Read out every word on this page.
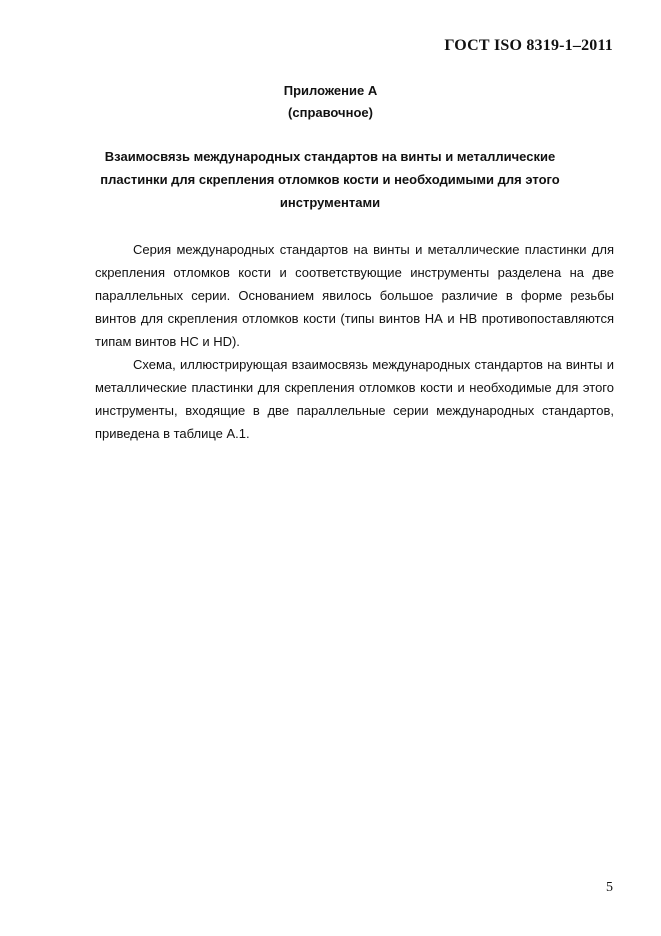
ГОСТ ISO 8319-1–2011
Приложение А
(справочное)
Взаимосвязь международных стандартов на винты и металлические пластинки для скрепления отломков кости и необходимыми для этого инструментами

Серия международных стандартов на винты и металлические пластинки для скрепления отломков кости и соответствующие инструменты разделена на две параллельных серии. Основанием явилось большое различие в форме резьбы винтов для скрепления отломков кости (типы винтов НА и НВ противопоставляются типам винтов НС и HD).

Схема, иллюстрирующая взаимосвязь международных стандартов на винты и металлические пластинки для скрепления отломков кости и необходимые для этого инструменты, входящие в две параллельные серии международных стандартов, приведена в таблице А.1.

5
